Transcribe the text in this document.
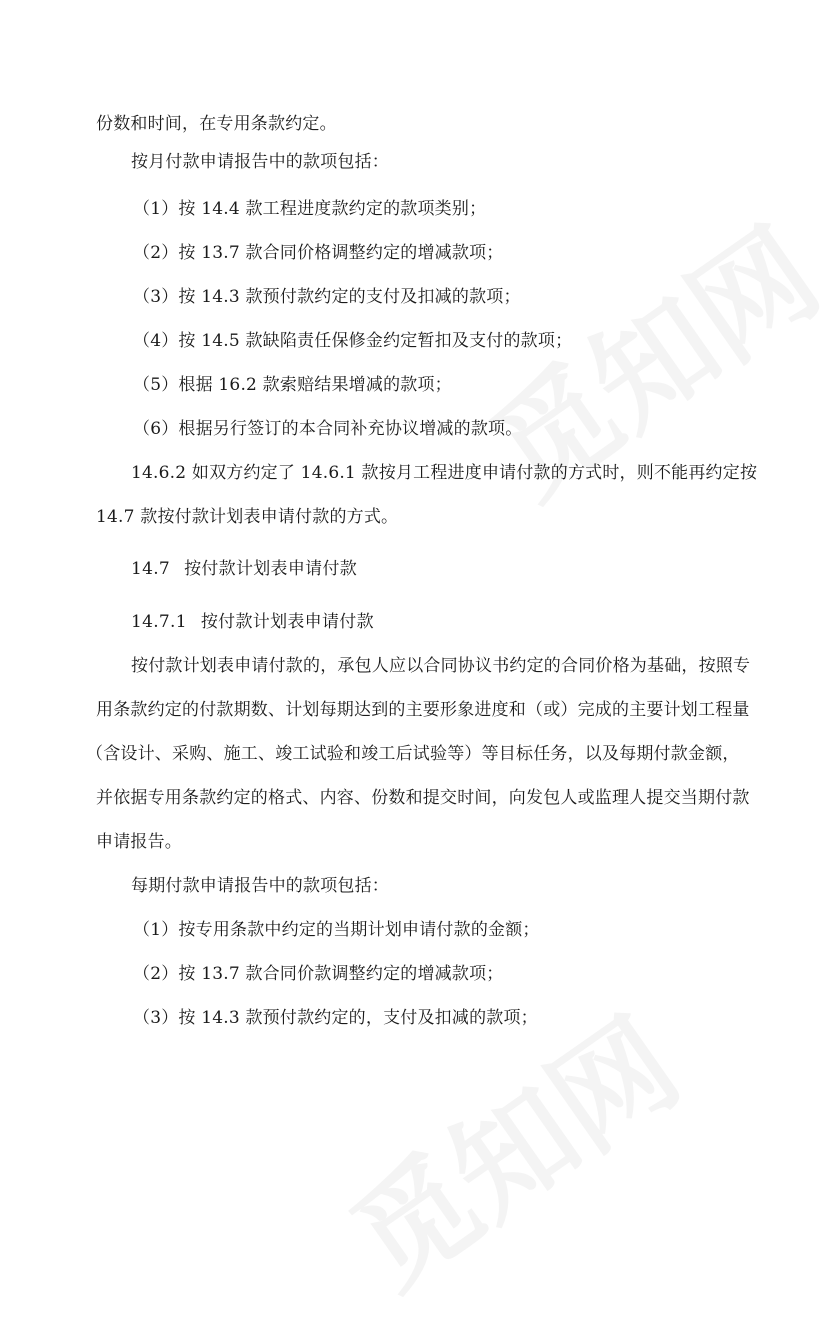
份数和时间，在专用条款约定。
按月付款申请报告中的款项包括：
（1）按 14.4 款工程进度款约定的款项类别；
（2）按 13.7 款合同价格调整约定的增减款项；
（3）按 14.3 款预付款约定的支付及扣减的款项；
（4）按 14.5 款缺陷责任保修金约定暂扣及支付的款项；
（5）根据 16.2 款索赔结果增减的款项；
（6）根据另行签订的本合同补充协议增减的款项。
14.6.2 如双方约定了 14.6.1 款按月工程进度申请付款的方式时，则不能再约定按
14.7 款按付款计划表申请付款的方式。
14.7 按付款计划表申请付款
14.7.1 按付款计划表申请付款
按付款计划表申请付款的，承包人应以合同协议书约定的合同价格为基础，按照专
用条款约定的付款期数、计划每期达到的主要形象进度和（或）完成的主要计划工程量
（含设计、采购、施工、竣工试验和竣工后试验等）等目标任务，以及每期付款金额，
并依据专用条款约定的格式、内容、份数和提交时间，向发包人或监理人提交当期付款
申请报告。
每期付款申请报告中的款项包括：
（1）按专用条款中约定的当期计划申请付款的金额；
（2）按 13.7 款合同价款调整约定的增减款项；
（3）按 14.3 款预付款约定的，支付及扣减的款项；
